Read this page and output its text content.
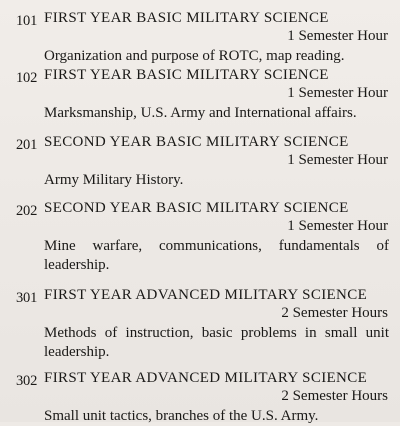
101 FIRST YEAR BASIC MILITARY SCIENCE
1 Semester Hour
Organization and purpose of ROTC, map reading.
102 FIRST YEAR BASIC MILITARY SCIENCE
1 Semester Hour
Marksmanship, U.S. Army and International affairs.
201 SECOND YEAR BASIC MILITARY SCIENCE
1 Semester Hour
Army Military History.
202 SECOND YEAR BASIC MILITARY SCIENCE
1 Semester Hour
Mine warfare, communications, fundamentals of leadership.
301 FIRST YEAR ADVANCED MILITARY SCIENCE
2 Semester Hours
Methods of instruction, basic problems in small unit leadership.
302 FIRST YEAR ADVANCED MILITARY SCIENCE
2 Semester Hours
Small unit tactics, branches of the U.S. Army.
